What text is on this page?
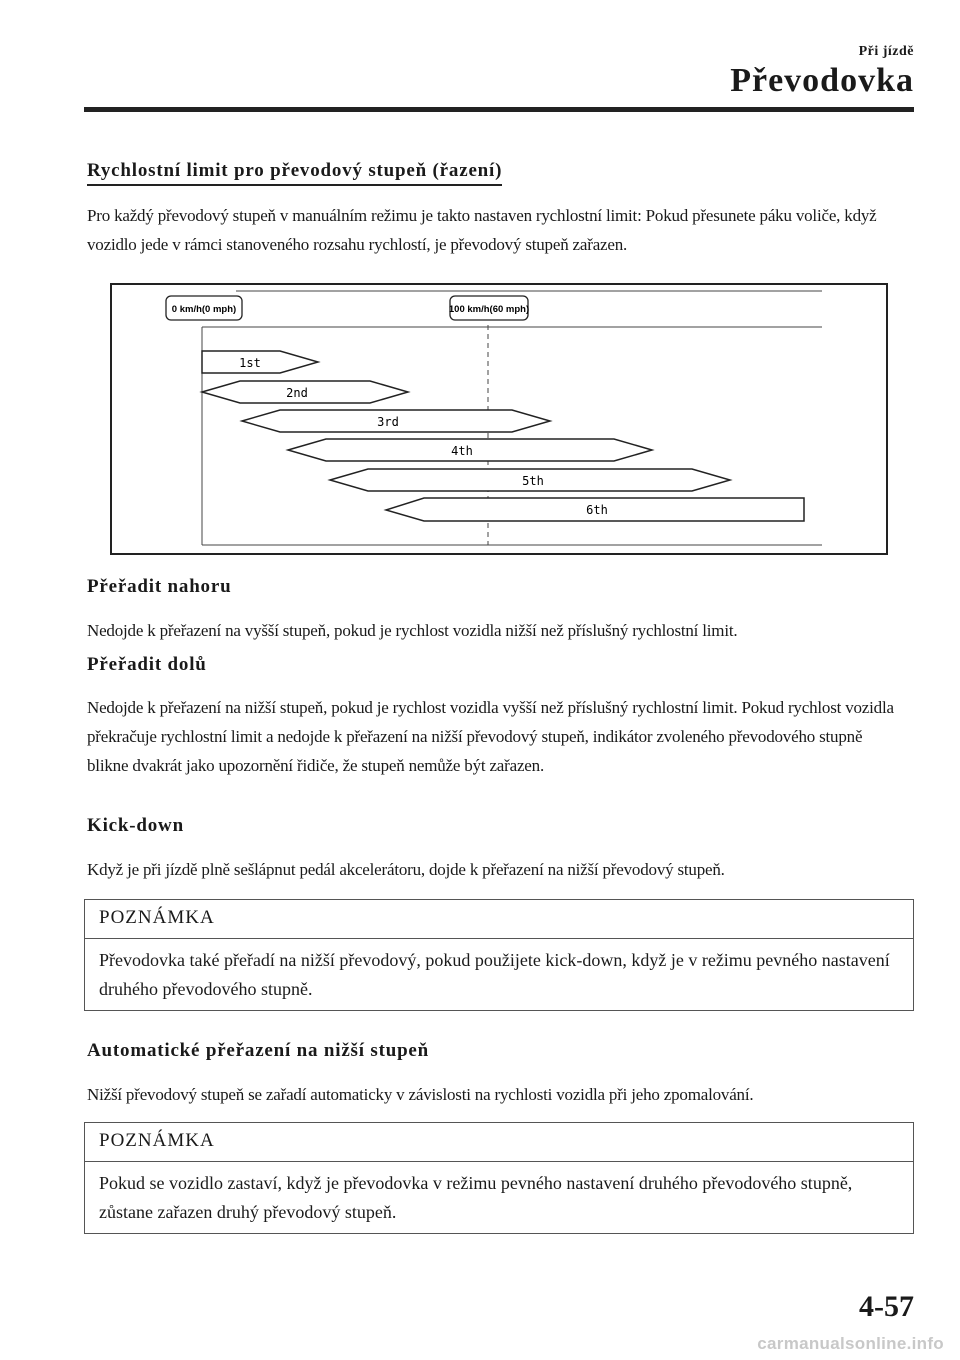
Při jízdě
Převodovka
Rychlostní limit pro převodový stupeň (řazení)
Pro každý převodový stupeň v manuálním režimu je takto nastaven rychlostní limit: Pokud přesunete páku voliče, když vozidlo jede v rámci stanoveného rozsahu rychlostí, je převodový stupeň zařazen.
0 km/h(0 mph)	100 km/h(60 mph)
1st
2nd
3rd
4th
5th
6th
Přeřadit nahoru
Nedojde k přeřazení na vyšší stupeň, pokud je rychlost vozidla nižší než příslušný rychlostní limit.
Přeřadit dolů
Nedojde k přeřazení na nižší stupeň, pokud je rychlost vozidla vyšší než příslušný rychlostní limit. Pokud rychlost vozidla překračuje rychlostní limit a nedojde k přeřazení na nižší převodový stupeň, indikátor zvoleného převodového stupně blikne dvakrát jako upozornění řidiče, že stupeň nemůže být zařazen.
Kick-down
Když je při jízdě plně sešlápnut pedál akcelerátoru, dojde k přeřazení na nižší převodový stupeň.
POZNÁMKA
Převodovka také přeřadí na nižší převodový, pokud použijete kick-down, když je v režimu pevného nastavení druhého převodového stupně.
Automatické přeřazení na nižší stupeň
Nižší převodový stupeň se zařadí automaticky v závislosti na rychlosti vozidla při jeho zpomalování.
POZNÁMKA
Pokud se vozidlo zastaví, když je převodovka v režimu pevného nastavení druhého převodového stupně, zůstane zařazen druhý převodový stupeň.
4-57
carmanualsonline.info
